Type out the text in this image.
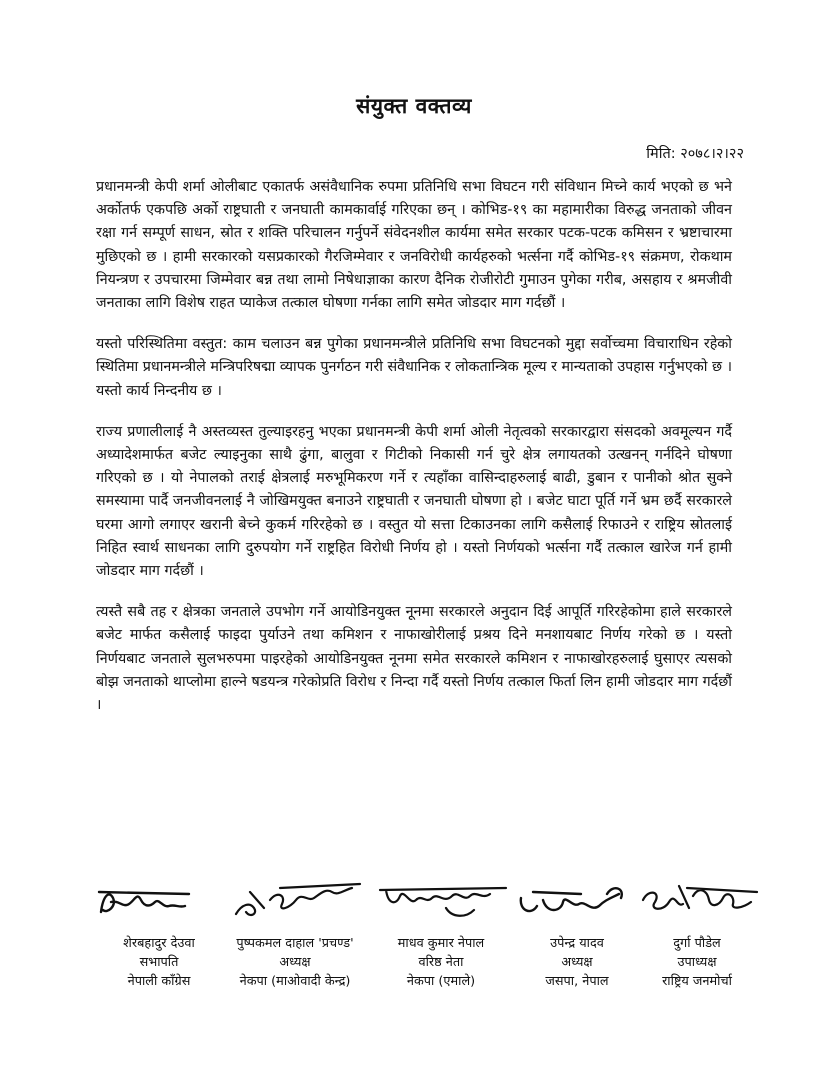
संयुक्त वक्तव्य
मिति: २०७८।२।२२

प्रधानमन्त्री केपी शर्मा ओलीबाट एकातर्फ असंवैधानिक रुपमा प्रतिनिधि सभा विघटन गरी संविधान मिच्ने कार्य भएको छ भने अर्कोतर्फ एकपछि अर्को राष्ट्रघाती र जनघाती कामकार्वाई गरिएका छन् । कोभिड-१९ का महामारीका विरुद्ध जनताको जीवन रक्षा गर्न सम्पूर्ण साधन, स्रोत र शक्ति परिचालन गर्नुपर्ने संवेदनशील कार्यमा समेत सरकार पटक-पटक कमिसन र भ्रष्टाचारमा मुछिएको छ । हामी सरकारको यसप्रकारको गैरजिम्मेवार र जनविरोधी कार्यहरुको भर्त्सना गर्दै कोभिड-१९ संक्रमण, रोकथाम नियन्त्रण र उपचारमा जिम्मेवार बन्न तथा लामो निषेधाज्ञाका कारण दैनिक रोजीरोटी गुमाउन पुगेका गरीब, असहाय र श्रमजीवी जनताका लागि विशेष राहत प्याकेज तत्काल घोषणा गर्नका लागि समेत जोडदार माग गर्दछौं ।

यस्तो परिस्थितिमा वस्तुत: काम चलाउन बन्न पुगेका प्रधानमन्त्रीले प्रतिनिधि सभा विघटनको मुद्दा सर्वोच्चमा विचाराधिन रहेको स्थितिमा प्रधानमन्त्रीले मन्त्रिपरिषद्मा व्यापक पुनर्गठन गरी संवैधानिक र लोकतान्त्रिक मूल्य र मान्यताको उपहास गर्नुभएको छ । यस्तो कार्य निन्दनीय छ ।

राज्य प्रणालीलाई नै अस्तव्यस्त तुल्याइरहनु भएका प्रधानमन्त्री केपी शर्मा ओली नेतृत्वको सरकारद्वारा संसदको अवमूल्यन गर्दै अध्यादेशमार्फत बजेट ल्याइनुका साथै ढुंगा, बालुवा र गिटीको निकासी गर्न चुरे क्षेत्र लगायतको उत्खनन् गर्नदिने घोषणा गरिएको छ । यो नेपालको तराई क्षेत्रलाई मरुभूमिकरण गर्ने र त्यहाँका वासिन्दाहरुलाई बाढी, डुबान र पानीको श्रोत सुक्ने समस्यामा पार्दै जनजीवनलाई नै जोखिमयुक्त बनाउने राष्ट्रघाती र जनघाती घोषणा हो । बजेट घाटा पूर्ति गर्ने भ्रम छर्दै सरकारले घरमा आगो लगाएर खरानी बेच्ने कुकर्म गरिरहेको छ । वस्तुत यो सत्ता टिकाउनका लागि कसैलाई रिफाउने र राष्ट्रिय स्रोतलाई निहित स्वार्थ साधनका लागि दुरुपयोग गर्ने राष्ट्रहित विरोधी निर्णय हो । यस्तो निर्णयको भर्त्सना गर्दै तत्काल खारेज गर्न हामी जोडदार माग गर्दछौं ।

त्यस्तै सबै तह र क्षेत्रका जनताले उपभोग गर्ने आयोडिनयुक्त नूनमा सरकारले अनुदान दिई आपूर्ति गरिरहेकोमा हाले सरकारले बजेट मार्फत कसैलाई फाइदा पुर्याउने तथा कमिशन र नाफाखोरीलाई प्रश्रय दिने मनशायबाट निर्णय गरेको छ । यस्तो निर्णयबाट जनताले सुलभरुपमा पाइरहेको आयोडिनयुक्त नूनमा समेत सरकारले कमिशन र नाफाखोरहरुलाई घुसाएर त्यसको बोझ जनताको थाप्लोमा हाल्ने षडयन्त्र गरेकोप्रति विरोध र निन्दा गर्दै यस्तो निर्णय तत्काल फिर्ता लिन हामी जोडदार माग गर्दछौं ।

शेरबहादुर देउवा
सभापति
नेपाली काँग्रेस
पुष्पकमल दाहाल 'प्रचण्ड'
अध्यक्ष
नेकपा (माओवादी केन्द्र)
माधव कुमार नेपाल
वरिष्ठ नेता
नेकपा (एमाले)
उपेन्द्र यादव
अध्यक्ष
जसपा, नेपाल
दुर्गा पौडेल
उपाध्यक्ष
राष्ट्रिय जनमोर्चा
